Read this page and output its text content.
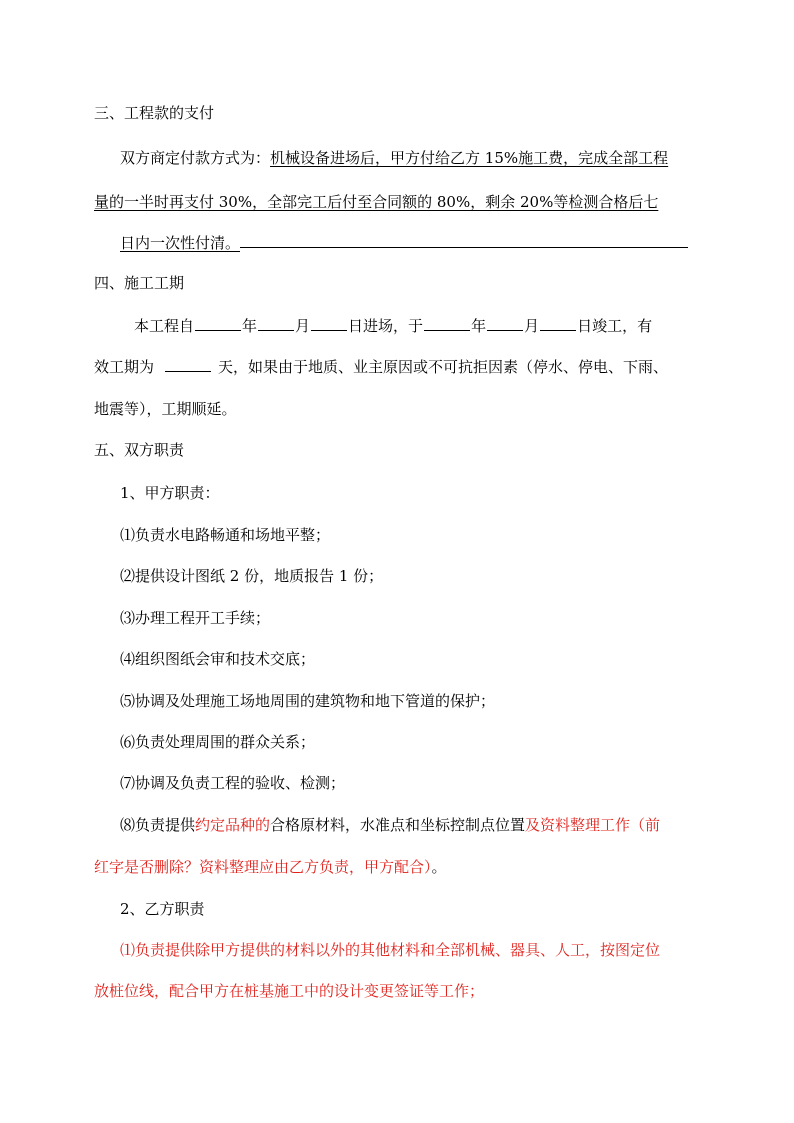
三、工程款的支付
双方商定付款方式为：机械设备进场后，甲方付给乙方 15%施工费，完成全部工程
量的一半时再支付 30%，全部完工后付至合同额的 80%，剩余 20%等检测合格后七
日内一次性付清。
四、施工工期
本工程自	年	月	日进场，于	年	月	日竣工，有
效工期为	天，如果由于地质、业主原因或不可抗拒因素（停水、停电、下雨、
地震等），工期顺延。
五、双方职责
1、甲方职责：
⑴负责水电路畅通和场地平整；
⑵提供设计图纸 2 份，地质报告 1 份；
⑶办理工程开工手续；
⑷组织图纸会审和技术交底；
⑸协调及处理施工场地周围的建筑物和地下管道的保护；
⑹负责处理周围的群众关系；
⑺协调及负责工程的验收、检测；
⑻负责提供约定品种的合格原材料，水准点和坐标控制点位置及资料整理工作（前
红字是否删除？资料整理应由乙方负责，甲方配合）。
2、乙方职责
⑴负责提供除甲方提供的材料以外的其他材料和全部机械、器具、人工，按图定位
放桩位线，配合甲方在桩基施工中的设计变更签证等工作；
